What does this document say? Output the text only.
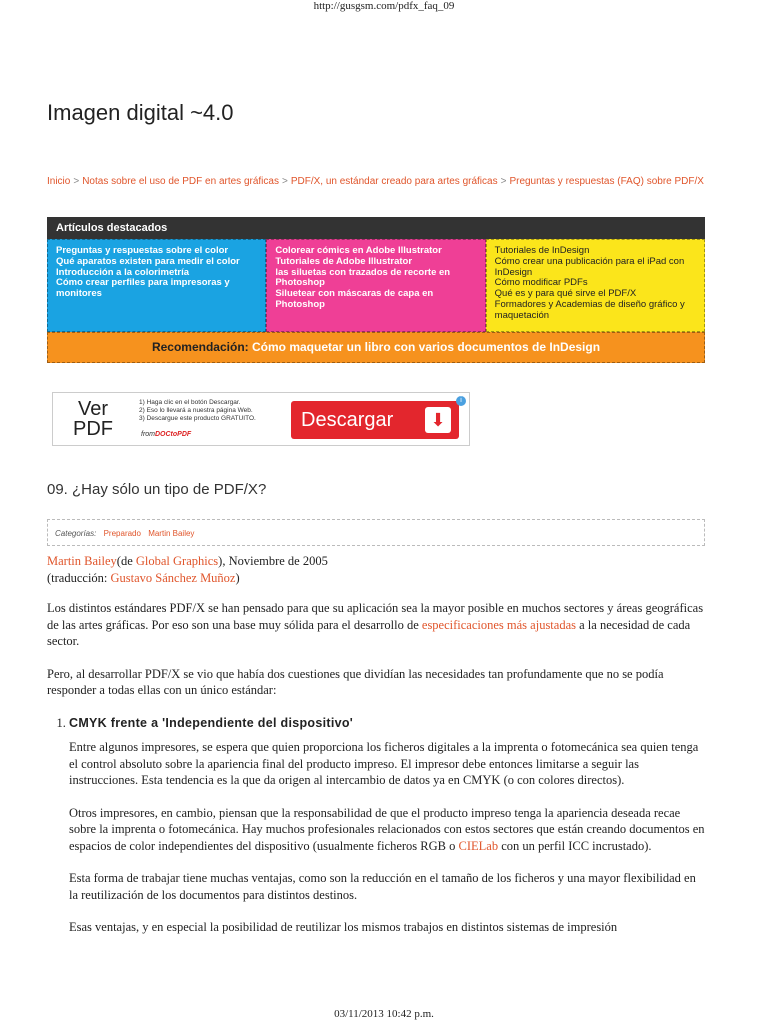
http://gusgsm.com/pdfx_faq_09
Imagen digital ~4.0
Inicio > Notas sobre el uso de PDF en artes gráficas > PDF/X, un estándar creado para artes gráficas > Preguntas y respuestas (FAQ) sobre PDF/X
Artículos destacados
Preguntas y respuestas sobre el color
Qué aparatos existen para medir el color
Introducción a la colorimetría
Cómo crear perfiles para impresoras y monitores
Colorear cómics en Adobe Illustrator
Tutoriales de Adobe Illustrator
las siluetas con trazados de recorte en Photoshop
Siluetear con máscaras de capa en Photoshop
Tutoriales de InDesign
Cómo crear una publicación para el iPad con InDesign
Cómo modificar PDFs
Qué es y para qué sirve el PDF/X
Formadores y Academias de diseño gráfico y maquetación
Recomendación: Cómo maquetar un libro con varios documentos de InDesign
Ver
PDF
1) Haga clic en el botón Descargar.
2) Eso lo llevará a nuestra página Web.
3) Descargue este producto GRATUITO.
fromDOCtoPDF
Descargar	⬇
i
09. ¿Hay sólo un tipo de PDF/X?
Categorías: Preparado Martin Bailey

Martin Bailey(de Global Graphics), Noviembre de 2005
(traducción: Gustavo Sánchez Muñoz)

Los distintos estándares PDF/X se han pensado para que su aplicación sea la mayor posible en muchos sectores y áreas geográficas de las artes gráficas. Por eso son una base muy sólida para el desarrollo de especificaciones más ajustadas a la necesidad de cada sector.

Pero, al desarrollar PDF/X se vio que había dos cuestiones que dividían las necesidades tan profundamente que no se podía responder a todas ellas con un único estándar:

1. CMYK frente a 'Independiente del dispositivo'

Entre algunos impresores, se espera que quien proporciona los ficheros digitales a la imprenta o fotomecánica sea quien tenga el control absoluto sobre la apariencia final del producto impreso. El impresor debe entonces limitarse a seguir las instrucciones. Esta tendencia es la que da origen al intercambio de datos ya en CMYK (o con colores directos).

Otros impresores, en cambio, piensan que la responsabilidad de que el producto impreso tenga la apariencia deseada recae sobre la imprenta o fotomecánica. Hay muchos profesionales relacionados con estos sectores que están creando documentos en espacios de color independientes del dispositivo (usualmente ficheros RGB o CIELab con un perfil ICC incrustado).

Esta forma de trabajar tiene muchas ventajas, como son la reducción en el tamaño de los ficheros y una mayor flexibilidad en la reutilización de los documentos para distintos destinos.

Esas ventajas, y en especial la posibilidad de reutilizar los mismos trabajos en distintos sistemas de impresión

03/11/2013 10:42 p.m.
